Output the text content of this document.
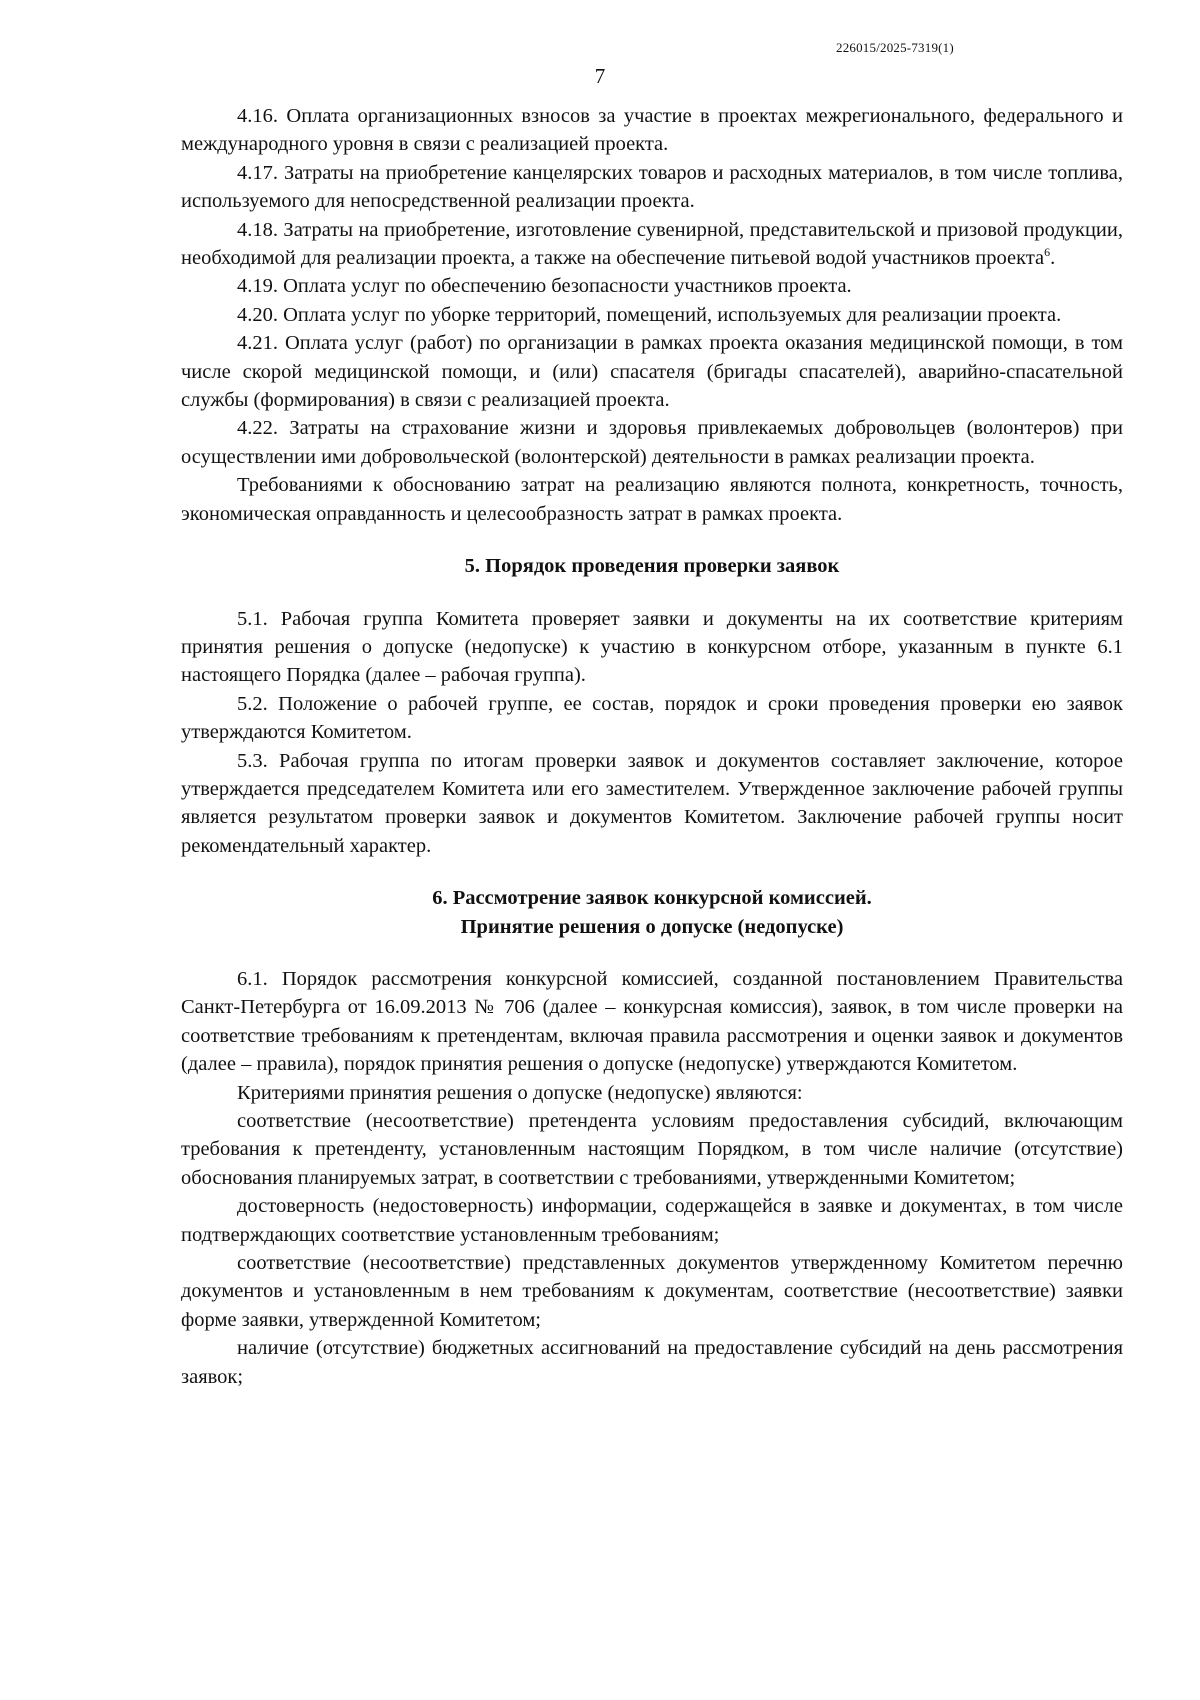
226015/2025-7319(1)
7

4.16. Оплата организационных взносов за участие в проектах межрегионального, федерального и международного уровня в связи с реализацией проекта.

4.17. Затраты на приобретение канцелярских товаров и расходных материалов, в том числе топлива, используемого для непосредственной реализации проекта.

4.18. Затраты на приобретение, изготовление сувенирной, представительской и призовой продукции, необходимой для реализации проекта, а также на обеспечение питьевой водой участников проекта$^6$.

4.19. Оплата услуг по обеспечению безопасности участников проекта.

4.20. Оплата услуг по уборке территорий, помещений, используемых для реализации проекта.

4.21. Оплата услуг (работ) по организации в рамках проекта оказания медицинской помощи, в том числе скорой медицинской помощи, и (или) спасателя (бригады спасателей), аварийно-спасательной службы (формирования) в связи с реализацией проекта.

4.22. Затраты на страхование жизни и здоровья привлекаемых добровольцев (волонтеров) при осуществлении ими добровольческой (волонтерской) деятельности в рамках реализации проекта.

Требованиями к обоснованию затрат на реализацию являются полнота, конкретность, точность, экономическая оправданность и целесообразность затрат в рамках проекта.

5. Порядок проведения проверки заявок

5.1. Рабочая группа Комитета проверяет заявки и документы на их соответствие критериям принятия решения о допуске (недопуске) к участию в конкурсном отборе, указанным в пункте 6.1 настоящего Порядка (далее – рабочая группа).

5.2. Положение о рабочей группе, ее состав, порядок и сроки проведения проверки ею заявок утверждаются Комитетом.

5.3. Рабочая группа по итогам проверки заявок и документов составляет заключение, которое утверждается председателем Комитета или его заместителем. Утвержденное заключение рабочей группы является результатом проверки заявок и документов Комитетом. Заключение рабочей группы носит рекомендательный характер.

6. Рассмотрение заявок конкурсной комиссией.
Принятие решения о допуске (недопуске)

6.1. Порядок рассмотрения конкурсной комиссией, созданной постановлением Правительства Санкт-Петербурга от 16.09.2013 № 706 (далее – конкурсная комиссия), заявок, в том числе проверки на соответствие требованиям к претендентам, включая правила рассмотрения и оценки заявок и документов (далее – правила), порядок принятия решения о допуске (недопуске) утверждаются Комитетом.

Критериями принятия решения о допуске (недопуске) являются:

соответствие (несоответствие) претендента условиям предоставления субсидий, включающим требования к претенденту, установленным настоящим Порядком, в том числе наличие (отсутствие) обоснования планируемых затрат, в соответствии с требованиями, утвержденными Комитетом;

достоверность (недостоверность) информации, содержащейся в заявке и документах, в том числе подтверждающих соответствие установленным требованиям;

соответствие (несоответствие) представленных документов утвержденному Комитетом перечню документов и установленным в нем требованиям к документам, соответствие (несоответствие) заявки форме заявки, утвержденной Комитетом;

наличие (отсутствие) бюджетных ассигнований на предоставление субсидий на день рассмотрения заявок;
